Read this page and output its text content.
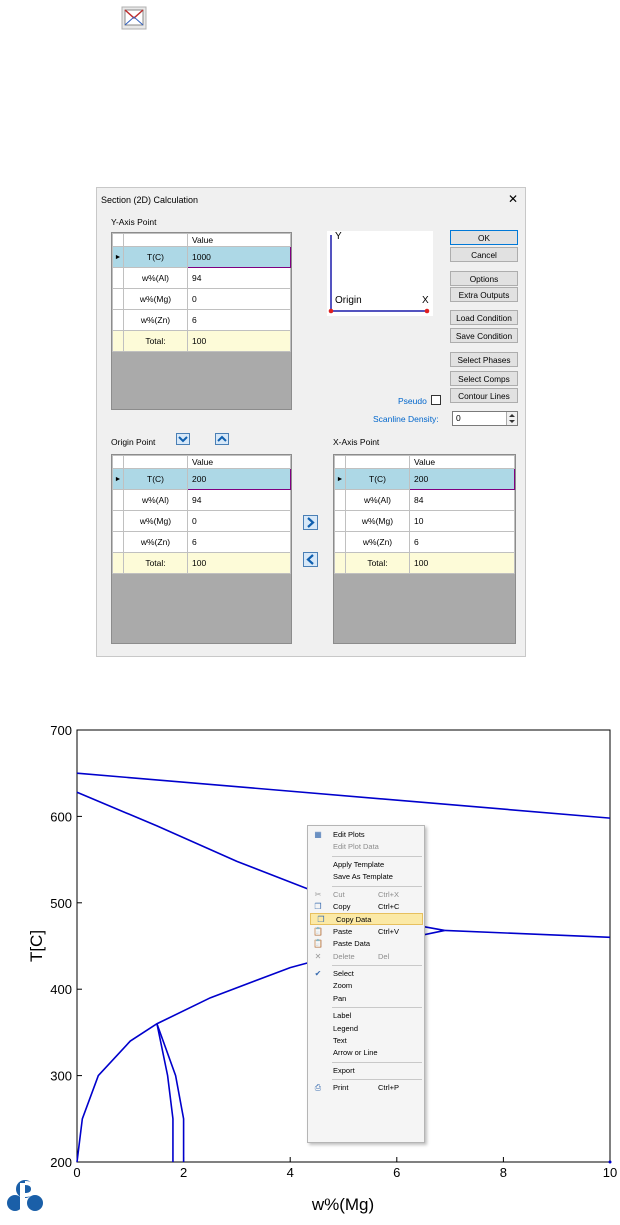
Section (2D) Calculation	✕
Y-Axis Point
		Value
►	T(C)	1000
	w%(Al)	94
	w%(Mg)	0
	w%(Zn)	6
	Total:	100
Y
Origin	X
OK
Cancel
Options
Extra Outputs
Load Condition
Save Condition
Select Phases
Select Comps
Contour Lines
Pseudo
Scanline Density: 0
Origin Point	X-Axis Point
		Value
►	T(C)	200
	w%(Al)	94
	w%(Mg)	0
	w%(Zn)	6
	Total:	100
		Value
►	T(C)	200
	w%(Al)	84
	w%(Mg)	10
	w%(Zn)	6
	Total:	100
0	2	4	6	8	10
200
300
400
500
600
700
w%(Mg)
T[C]
▦ Edit Plots
Edit Plot Data
Apply Template
Save As Template
✂ Cut	Ctrl+X
❐ Copy	Ctrl+C
❐ Copy Data
📋 Paste	Ctrl+V
📋 Paste Data
✕ Delete	Del
✔ Select
Zoom
Pan
Label
Legend
Text
Arrow or Line
Export
⎙ Print	Ctrl+P
